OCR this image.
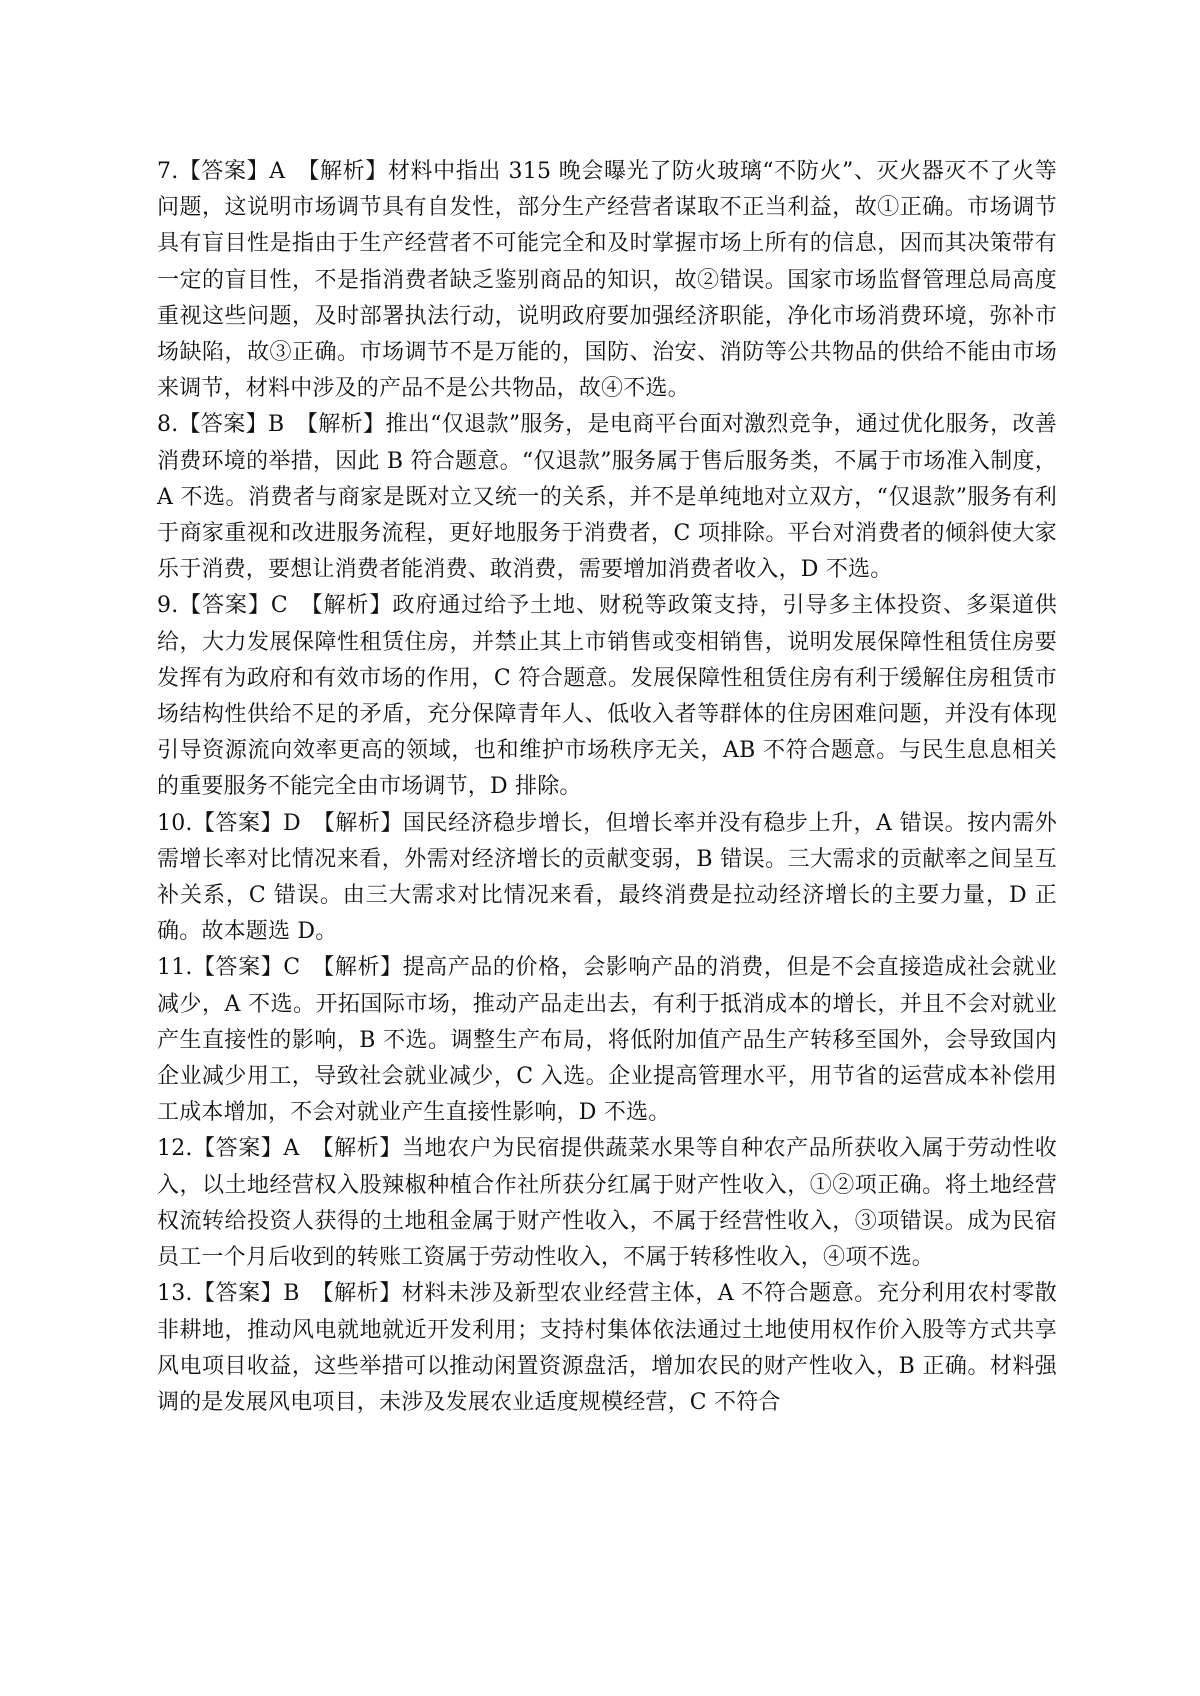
7.【答案】A　 【解析】材料中指出 315 晚会曝光了防火玻璃“不防火”、灭火器灭不了火等问题，这说明市场调节具有自发性，部分生产经营者谋取不正当利益，故①正确。市场调节具有盲目性是指由于生产经营者不可能完全和及时掌握市场上所有的信息，因而其决策带有一定的盲目性，不是指消费者缺乏鉴别商品的知识，故②错误。国家市场监督管理总局高度重视这些问题，及时部署执法行动，说明政府要加强经济职能，净化市场消费环境，弥补市场缺陷，故③正确。市场调节不是万能的，国防、治安、消防等公共物品的供给不能由市场来调节，材料中涉及的产品不是公共物品，故④不选。

8.【答案】B　 【解析】推出“仅退款”服务，是电商平台面对激烈竞争，通过优化服务，改善消费环境的举措，因此 B 符合题意。“仅退款”服务属于售后服务类，不属于市场准入制度，A 不选。消费者与商家是既对立又统一的关系，并不是单纯地对立双方，“仅退款”服务有利于商家重视和改进服务流程，更好地服务于消费者，C 项排除。平台对消费者的倾斜使大家乐于消费，要想让消费者能消费、敢消费，需要增加消费者收入，D 不选。

9.【答案】C　 【解析】政府通过给予土地、财税等政策支持，引导多主体投资、多渠道供给，大力发展保障性租赁住房，并禁止其上市销售或变相销售，说明发展保障性租赁住房要发挥有为政府和有效市场的作用，C 符合题意。发展保障性租赁住房有利于缓解住房租赁市场结构性供给不足的矛盾，充分保障青年人、低收入者等群体的住房困难问题，并没有体现引导资源流向效率更高的领域，也和维护市场秩序无关，AB 不符合题意。与民生息息相关的重要服务不能完全由市场调节，D 排除。

10.【答案】D　 【解析】国民经济稳步增长，但增长率并没有稳步上升，A 错误。按内需外需增长率对比情况来看，外需对经济增长的贡献变弱，B 错误。三大需求的贡献率之间呈互补关系，C 错误。由三大需求对比情况来看，最终消费是拉动经济增长的主要力量，D 正确。故本题选 D。

11.【答案】C　 【解析】提高产品的价格，会影响产品的消费，但是不会直接造成社会就业减少，A 不选。开拓国际市场，推动产品走出去，有利于抵消成本的增长，并且不会对就业产生直接性的影响，B 不选。调整生产布局，将低附加值产品生产转移至国外，会导致国内企业减少用工，导致社会就业减少，C 入选。企业提高管理水平，用节省的运营成本补偿用工成本增加，不会对就业产生直接性影响，D 不选。

12.【答案】A　 【解析】当地农户为民宿提供蔬菜水果等自种农产品所获收入属于劳动性收入，以土地经营权入股辣椒种植合作社所获分红属于财产性收入，①②项正确。将土地经营权流转给投资人获得的土地租金属于财产性收入，不属于经营性收入，③项错误。成为民宿员工一个月后收到的转账工资属于劳动性收入，不属于转移性收入，④项不选。

13.【答案】B　 【解析】材料未涉及新型农业经营主体，A 不符合题意。充分利用农村零散非耕地，推动风电就地就近开发利用；支持村集体依法通过土地使用权作价入股等方式共享风电项目收益，这些举措可以推动闲置资源盘活，增加农民的财产性收入，B 正确。材料强调的是发展风电项目，未涉及发展农业适度规模经营，C 不符合
